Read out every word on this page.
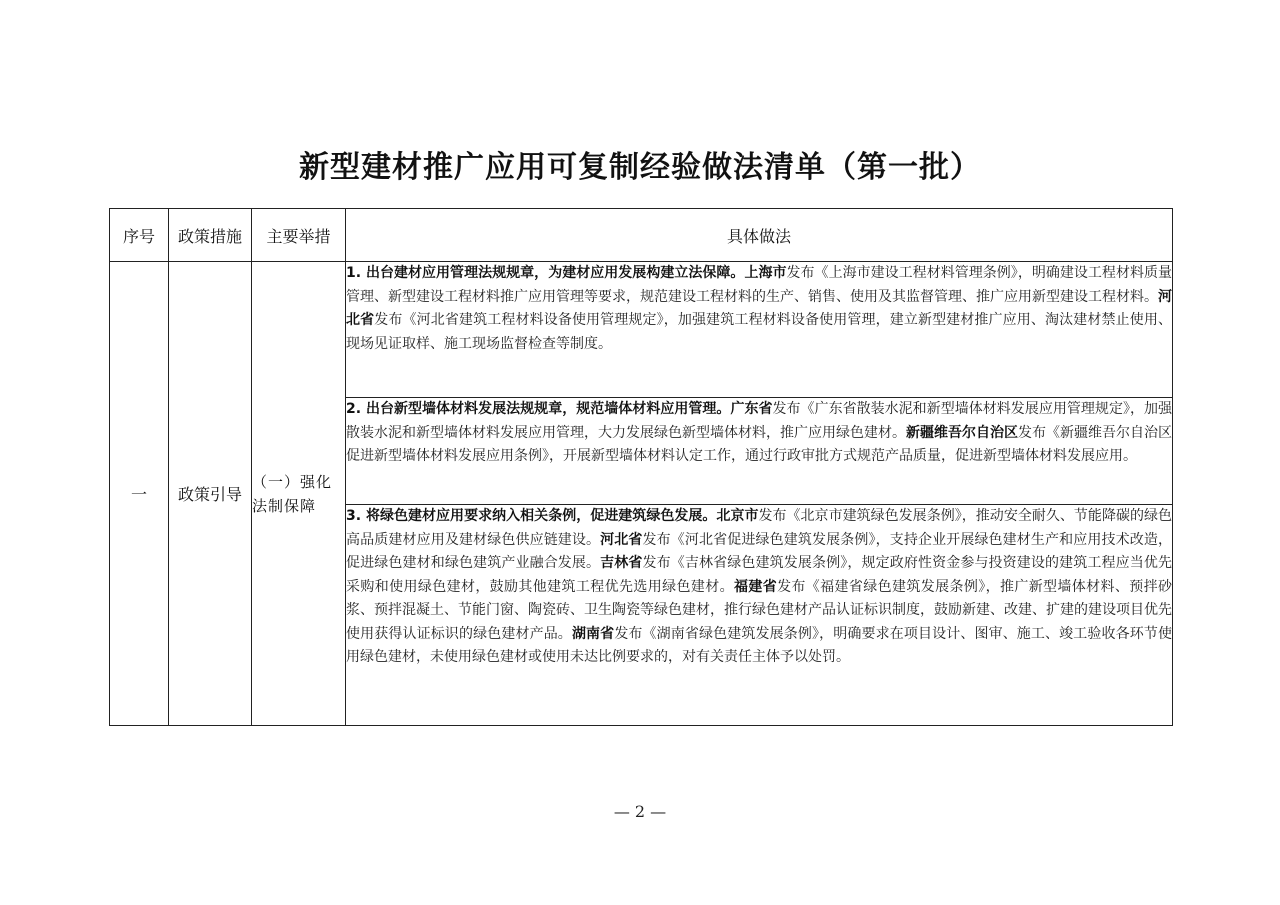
新型建材推广应用可复制经验做法清单（第一批）
序号	政策措施	主要举措	具体做法
一	政策引导	（一）强化法制保障	1. 出台建材应用管理法规规章，为建材应用发展构建立法保障。上海市发布《上海市建设工程材料管理条例》，明确建设工程材料质量管理、新型建设工程材料推广应用管理等要求，规范建设工程材料的生产、销售、使用及其监督管理、推广应用新型建设工程材料。河北省发布《河北省建筑工程材料设备使用管理规定》，加强建筑工程材料设备使用管理，建立新型建材推广应用、淘汰建材禁止使用、现场见证取样、施工现场监督检查等制度。
			2. 出台新型墙体材料发展法规规章，规范墙体材料应用管理。广东省发布《广东省散装水泥和新型墙体材料发展应用管理规定》，加强散装水泥和新型墙体材料发展应用管理，大力发展绿色新型墙体材料，推广应用绿色建材。新疆维吾尔自治区发布《新疆维吾尔自治区促进新型墙体材料发展应用条例》，开展新型墙体材料认定工作，通过行政审批方式规范产品质量，促进新型墙体材料发展应用。
			3. 将绿色建材应用要求纳入相关条例，促进建筑绿色发展。北京市发布《北京市建筑绿色发展条例》，推动安全耐久、节能降碳的绿色高品质建材应用及建材绿色供应链建设。河北省发布《河北省促进绿色建筑发展条例》，支持企业开展绿色建材生产和应用技术改造，促进绿色建材和绿色建筑产业融合发展。吉林省发布《吉林省绿色建筑发展条例》，规定政府性资金参与投资建设的建筑工程应当优先采购和使用绿色建材，鼓励其他建筑工程优先选用绿色建材。福建省发布《福建省绿色建筑发展条例》，推广新型墙体材料、预拌砂浆、预拌混凝土、节能门窗、陶瓷砖、卫生陶瓷等绿色建材，推行绿色建材产品认证标识制度，鼓励新建、改建、扩建的建设项目优先使用获得认证标识的绿色建材产品。湖南省发布《湖南省绿色建筑发展条例》，明确要求在项目设计、图审、施工、竣工验收各环节使用绿色建材，未使用绿色建材或使用未达比例要求的，对有关责任主体予以处罚。
— 2 —
